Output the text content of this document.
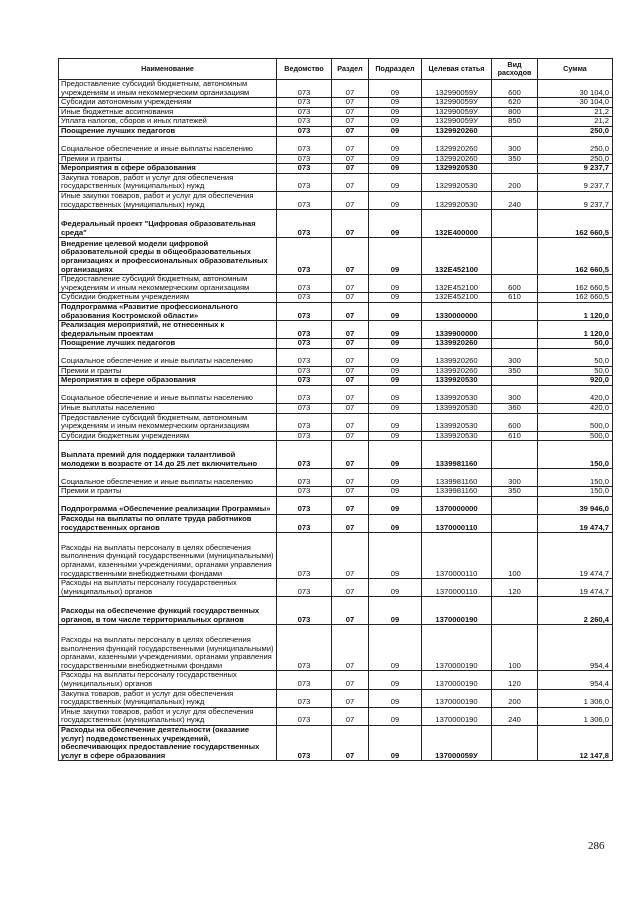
Наименование	Ведомство	Раздел	Подраздел	Целевая статья	Вид расходов	Сумма
Предоставление субсидий бюджетным, автономным учреждениям и иным некоммерческим организациям	073	07	09	132990059У	600	30 104,0
Субсидии автономным учреждениям	073	07	09	132990059У	620	30 104,0
Иные бюджетные ассигнования	073	07	09	132990059У	800	21,2
Уплата налогов, сборов и иных платежей	073	07	09	132990059У	850	21,2
Поощрение лучших педагогов	073	07	09	1329920260		250,0
Социальное обеспечение и иные выплаты населению	073	07	09	1329920260	300	250,0
Премии и гранты	073	07	09	1329920260	350	250,0
Мероприятия в сфере образования	073	07	09	1329920530		9 237,7
Закупка товаров, работ и услуг для обеспечения государственных (муниципальных) нужд	073	07	09	1329920530	200	9 237,7
Иные закупки товаров, работ и услуг для обеспечения государственных (муниципальных) нужд	073	07	09	1329920530	240	9 237,7
Федеральный проект "Цифровая образовательная среда"	073	07	09	132E400000		162 660,5
Внедрение целевой модели цифровой образовательной среды в общеобразовательных организациях и профессиональных образовательных организациях	073	07	09	132E452100		162 660,5
Предоставление субсидий бюджетным, автономным учреждениям и иным некоммерческим организациям	073	07	09	132E452100	600	162 660,5
Субсидии бюджетным учреждениям	073	07	09	132E452100	610	162 660,5
Подпрограмма «Развитие профессионального образования Костромской области»	073	07	09	1330000000		1 120,0
Реализация мероприятий, не отнесенных к федеральным проектам	073	07	09	1339900000		1 120,0
Поощрение лучших педагогов	073	07	09	1339920260		50,0
Социальное обеспечение и иные выплаты населению	073	07	09	1339920260	300	50,0
Премии и гранты	073	07	09	1339920260	350	50,0
Мероприятия в сфере образования	073	07	09	1339920530		920,0
Социальное обеспечение и иные выплаты населению	073	07	09	1339920530	300	420,0
Иные выплаты населению	073	07	09	1339920530	360	420,0
Предоставление субсидий бюджетным, автономным учреждениям и иным некоммерческим организациям	073	07	09	1339920530	600	500,0
Субсидии бюджетным учреждениям	073	07	09	1339920530	610	500,0
Выплата премий для поддержки талантливой молодежи в возрасте от 14 до 25 лет включительно	073	07	09	1339981160		150,0
Социальное обеспечение и иные выплаты населению	073	07	09	1339981160	300	150,0
Премии и гранты	073	07	09	1339981160	350	150,0
Подпрограмма «Обеспечение реализации Программы»	073	07	09	1370000000		39 946,0
Расходы на выплаты по оплате труда работников государственных органов	073	07	09	1370000110		19 474,7
Расходы на выплаты персоналу в целях обеспечения выполнения функций государственными (муниципальными) органами, казенными учреждениями, органами управления государственными внебюджетными фондами	073	07	09	1370000110	100	19 474,7
Расходы на выплаты персоналу государственных (муниципальных) органов	073	07	09	1370000110	120	19 474,7
Расходы на обеспечение функций государственных органов, в том числе территориальных органов	073	07	09	1370000190		2 260,4
Расходы на выплаты персоналу в целях обеспечения выполнения функций государственными (муниципальными) органами, казенными учреждениями, органами управления государственными внебюджетными фондами	073	07	09	1370000190	100	954,4
Расходы на выплаты персоналу государственных (муниципальных) органов	073	07	09	1370000190	120	954,4
Закупка товаров, работ и услуг для обеспечения государственных (муниципальных) нужд	073	07	09	1370000190	200	1 306,0
Иные закупки товаров, работ и услуг для обеспечения государственных (муниципальных) нужд	073	07	09	1370000190	240	1 306,0
Расходы на обеспечение деятельности (оказание услуг) подведомственных учреждений, обеспечивающих предоставление государственных услуг в сфере образования	073	07	09	137000059У		12 147,8
286
